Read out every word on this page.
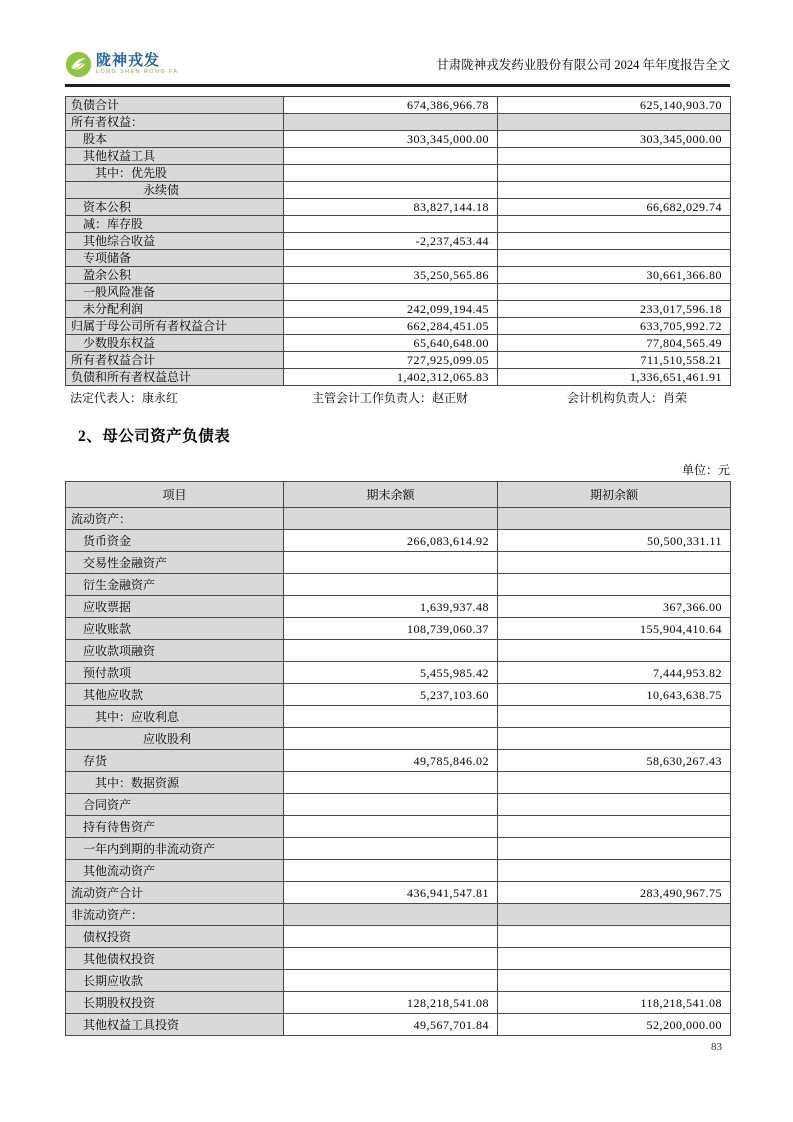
陇神戎发
LONG SHEN RONG FA	甘肃陇神戎发药业股份有限公司 2024 年年度报告全文
负债合计	674,386,966.78	625,140,903.70
所有者权益：		
股本	303,345,000.00	303,345,000.00
其他权益工具		
其中：优先股		
永续债		
资本公积	83,827,144.18	66,682,029.74
减：库存股		
其他综合收益	-2,237,453.44	
专项储备		
盈余公积	35,250,565.86	30,661,366.80
一般风险准备		
未分配利润	242,099,194.45	233,017,596.18
归属于母公司所有者权益合计	662,284,451.05	633,705,992.72
少数股东权益	65,640,648.00	77,804,565.49
所有者权益合计	727,925,099.05	711,510,558.21
负债和所有者权益总计	1,402,312,065.83	1,336,651,461.91
法定代表人：康永红	主管会计工作负责人：赵正财	会计机构负责人：肖荣
2、母公司资产负债表
单位：元
项目	期末余额	期初余额
流动资产：		
货币资金	266,083,614.92	50,500,331.11
交易性金融资产		
衍生金融资产		
应收票据	1,639,937.48	367,366.00
应收账款	108,739,060.37	155,904,410.64
应收款项融资		
预付款项	5,455,985.42	7,444,953.82
其他应收款	5,237,103.60	10,643,638.75
其中：应收利息		
应收股利		
存货	49,785,846.02	58,630,267.43
其中：数据资源		
合同资产		
持有待售资产		
一年内到期的非流动资产		
其他流动资产		
流动资产合计	436,941,547.81	283,490,967.75
非流动资产：		
债权投资		
其他债权投资		
长期应收款		
长期股权投资	128,218,541.08	118,218,541.08
其他权益工具投资	49,567,701.84	52,200,000.00
83
